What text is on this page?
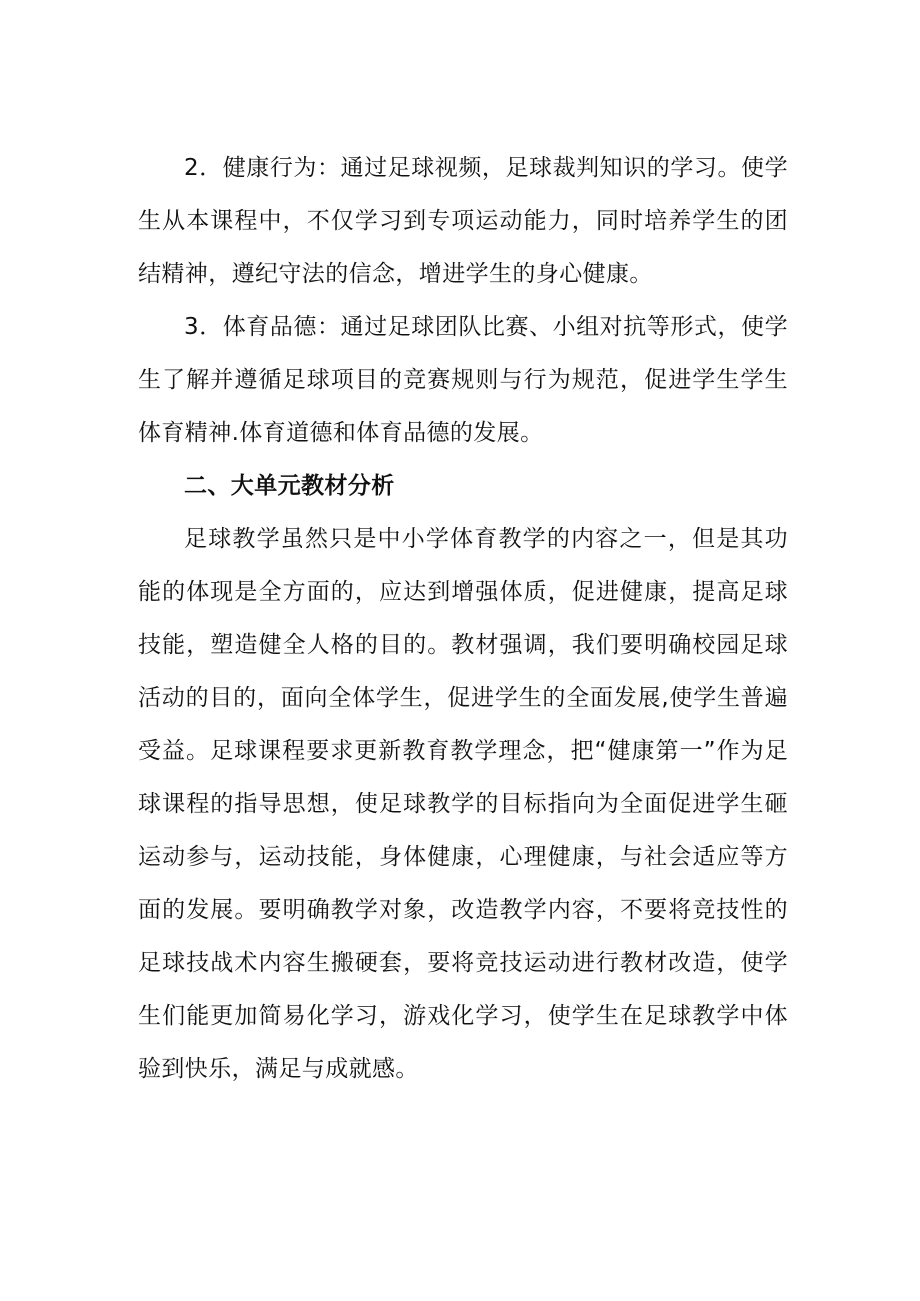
2．健康行为：通过足球视频，足球裁判知识的学习。使学生从本课程中，不仅学习到专项运动能力，同时培养学生的团结精神，遵纪守法的信念，增进学生的身心健康。

3．体育品德：通过足球团队比赛、小组对抗等形式，使学生了解并遵循足球项目的竞赛规则与行为规范，促进学生学生体育精神.体育道德和体育品德的发展。

二、大单元教材分析

足球教学虽然只是中小学体育教学的内容之一，但是其功能的体现是全方面的，应达到增强体质，促进健康，提高足球技能，塑造健全人格的目的。教材强调，我们要明确校园足球活动的目的，面向全体学生，促进学生的全面发展,使学生普遍受益。足球课程要求更新教育教学理念，把“健康第一”作为足球课程的指导思想，使足球教学的目标指向为全面促进学生砸运动参与，运动技能，身体健康，心理健康，与社会适应等方面的发展。要明确教学对象，改造教学内容，不要将竞技性的足球技战术内容生搬硬套，要将竞技运动进行教材改造，使学生们能更加简易化学习，游戏化学习，使学生在足球教学中体验到快乐，满足与成就感。
